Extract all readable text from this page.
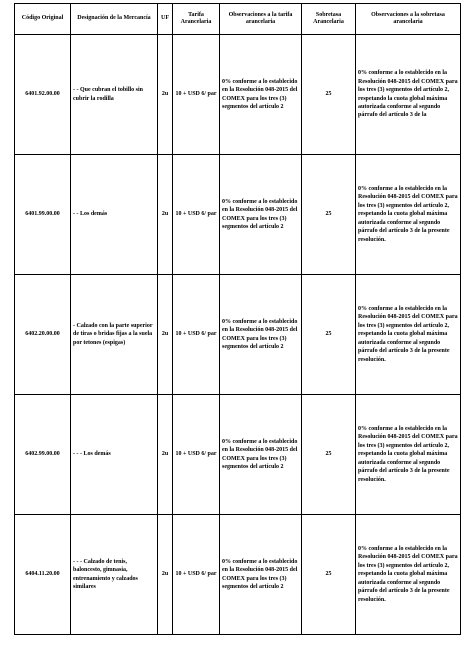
Código Original	Designación de la Mercancía	UF	Tarifa Arancelaria	Observaciones a la tarifa arancelaria	Sobretasa Arancelaria	Observaciones a la sobretasa arancelaria
6401.92.00.00	- - Que cubran el tobillo sin cubrir la rodilla	2u	10 + USD 6/ par	0% conforme a lo establecido en la Resolución 048-2015 del COMEX para los tres (3) segmentos del artículo 2	25	0% conforme a lo establecido en la Resolución 048-2015 del COMEX para los tres (3) segmentos del artículo 2, respetando la cuota global máxima autorizada conforme al segundo párrafo del artículo 3 de la
6401.99.00.00	- - Los demás	2u	10 + USD 6/ par	0% conforme a lo establecido en la Resolución 048-2015 del COMEX para los tres (3) segmentos del artículo 2	25	0% conforme a lo establecido en la Resolución 048-2015 del COMEX para los tres (3) segmentos del artículo 2, respetando la cuota global máxima autorizada conforme al segundo párrafo del artículo 3 de la presente resolución.
6402.20.00.00	- Calzado con la parte superior de tiras o bridas fijas a la suela por tetones (espigas)	2u	10 + USD 6/ par	0% conforme a lo establecido en la Resolución 048-2015 del COMEX para los tres (3) segmentos del artículo 2	25	0% conforme a lo establecido en la Resolución 048-2015 del COMEX para los tres (3) segmentos del artículo 2, respetando la cuota global máxima autorizada conforme al segundo párrafo del artículo 3 de la presente resolución.
6402.99.00.00	- - - Los demás	2u	10 + USD 6/ par	0% conforme a lo establecido en la Resolución 048-2015 del COMEX para los tres (3) segmentos del artículo 2	25	0% conforme a lo establecido en la Resolución 048-2015 del COMEX para los tres (3) segmentos del artículo 2, respetando la cuota global máxima autorizada conforme al segundo párrafo del artículo 3 de la presente resolución.
6404.11.20.00	- - - Calzado de tenis, baloncesto, gimnasia, entrenamiento y calzados similares	2u	10 + USD 6/ par	0% conforme a lo establecido en la Resolución 048-2015 del COMEX para los tres (3) segmentos del artículo 2	25	0% conforme a lo establecido en la Resolución 048-2015 del COMEX para los tres (3) segmentos del artículo 2, respetando la cuota global máxima autorizada conforme al segundo párrafo del artículo 3 de la presente resolución.
